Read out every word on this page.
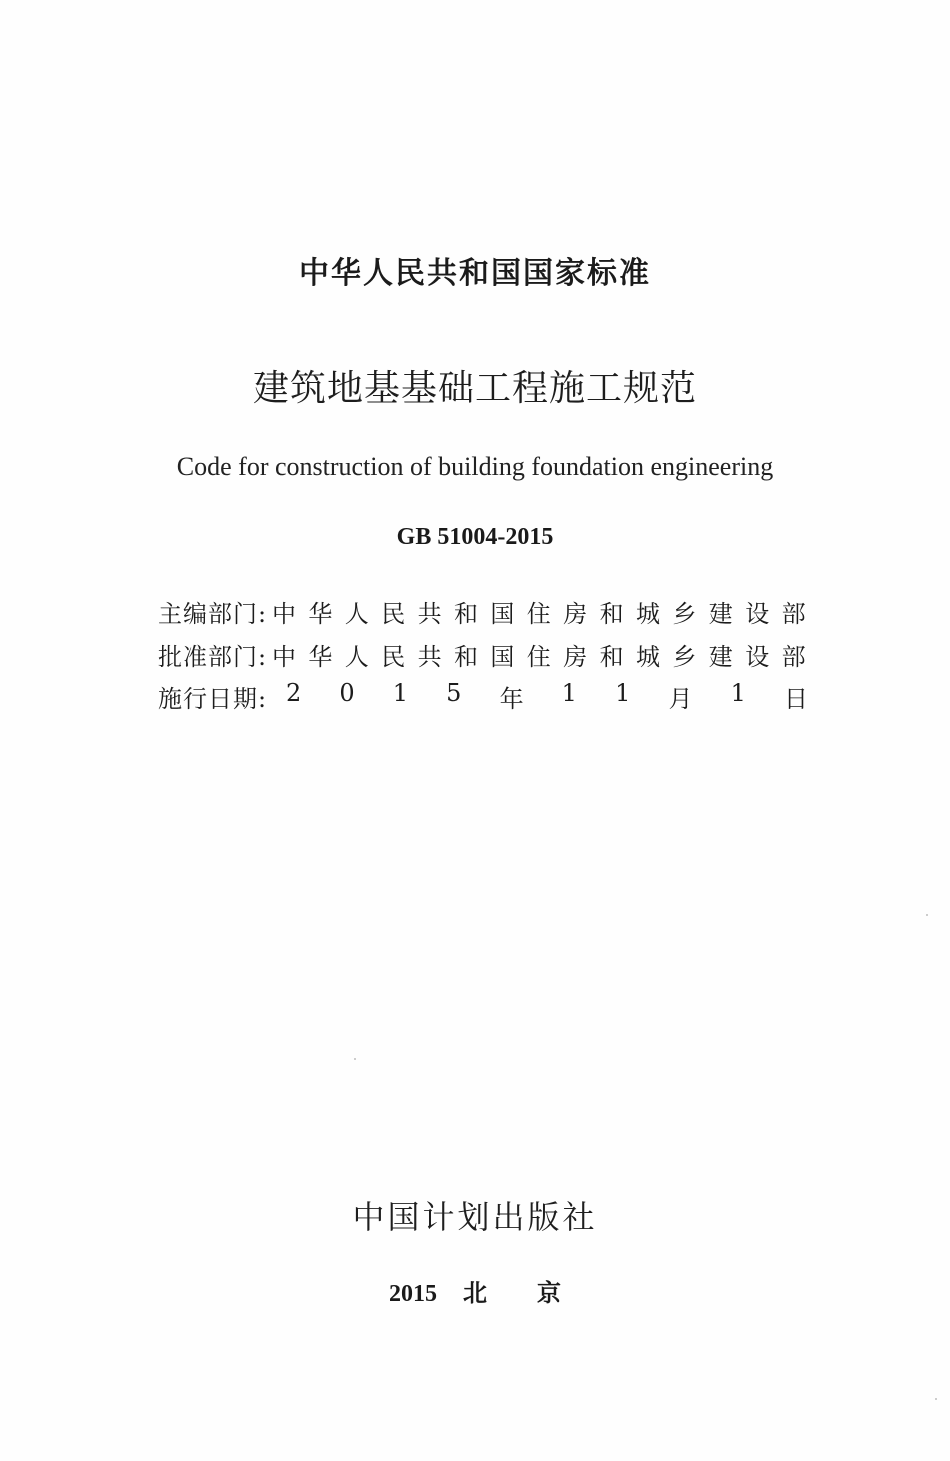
中华人民共和国国家标准
建筑地基基础工程施工规范
Code for construction of building foundation engineering
GB 51004-2015
主编部门: 中华人民共和国住房和城乡建设部
批准部门: 中华人民共和国住房和城乡建设部
施行日期: 2 0 1 5 年 1 1 月 1 日
中国计划出版社
2015 北 京
